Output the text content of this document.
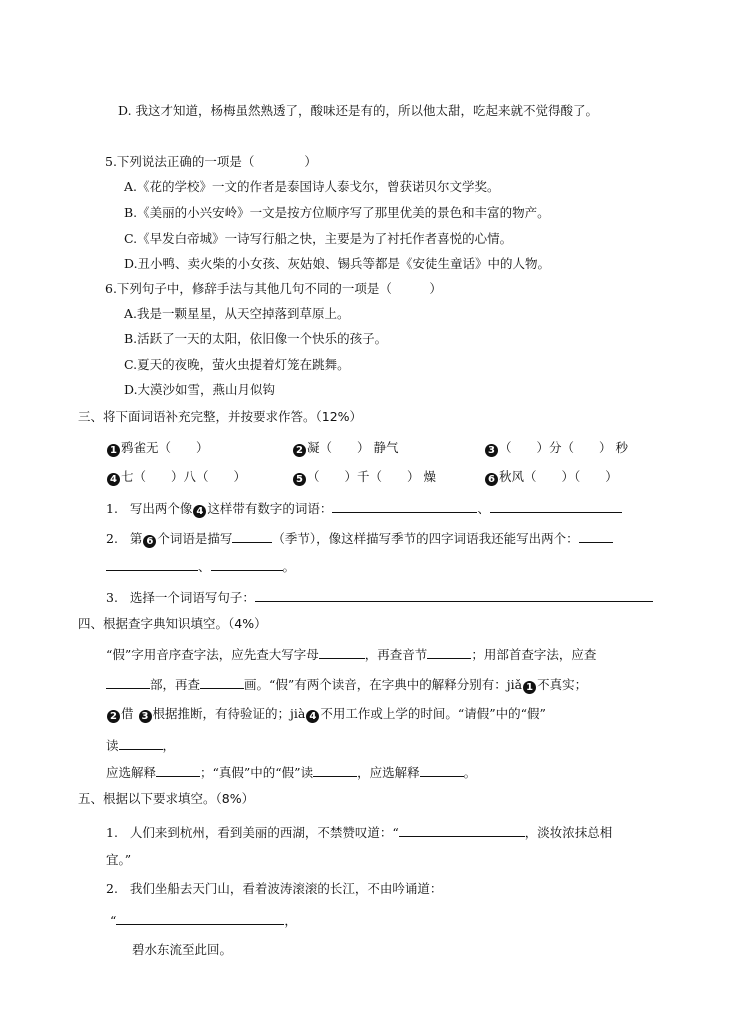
D. 我这才知道，杨梅虽然熟透了，酸味还是有的，所以他太甜，吃起来就不觉得酸了。
5.下列说法正确的一项是（　　　　）
A.《花的学校》一文的作者是泰国诗人泰戈尔，曾获诺贝尔文学奖。
B.《美丽的小兴安岭》一文是按方位顺序写了那里优美的景色和丰富的物产。
C.《早发白帝城》一诗写行船之快，主要是为了衬托作者喜悦的心情。
D.丑小鸭、卖火柴的小女孩、灰姑娘、锡兵等都是《安徒生童话》中的人物。
6.下列句子中，修辞手法与其他几句不同的一项是（　　　）
A.我是一颗星星，从天空掉落到草原上。
B.活跃了一天的太阳，依旧像一个快乐的孩子。
C.夏天的夜晚，萤火虫提着灯笼在跳舞。
D.大漠沙如雪，燕山月似钩
三、将下面词语补充完整，并按要求作答。（12%）
1 鸦雀无（　　）	2 凝（　　） 静气	3 （　　）分（　　） 秒
4 七（　　）八（　　）	5 （　　）千（　　） 燥	6 秋风（　　）（　　）
1. 写出两个像 4 这样带有数字的词语：	、
2. 第 6 个词语是描写	（季节），像这样描写季节的四字词语我还能写出两个：
、	。
3. 选择一个词语写句子：
四、根据查字典知识填空。（4%）
“假”字用音序查字法，应先查大写字母	，再查音节	；用部首查字法，应查
部，再查	画。“假”有两个读音，在字典中的解释分别有：jiǎ 1 不真实；
2 借 3 根据推断，有待验证的；jià 4 不用工作或上学的时间。“请假”中的“假”
读	，
应选解释	；“真假”中的“假”读	，应选解释	。
五、根据以下要求填空。（8%）
1. 人们来到杭州，看到美丽的西湖，不禁赞叹道：“	，淡妆浓抹总相
宜。”
2. 我们坐船去天门山，看着波涛滚滚的长江，不由吟诵道：
“	，
碧水东流至此回。
